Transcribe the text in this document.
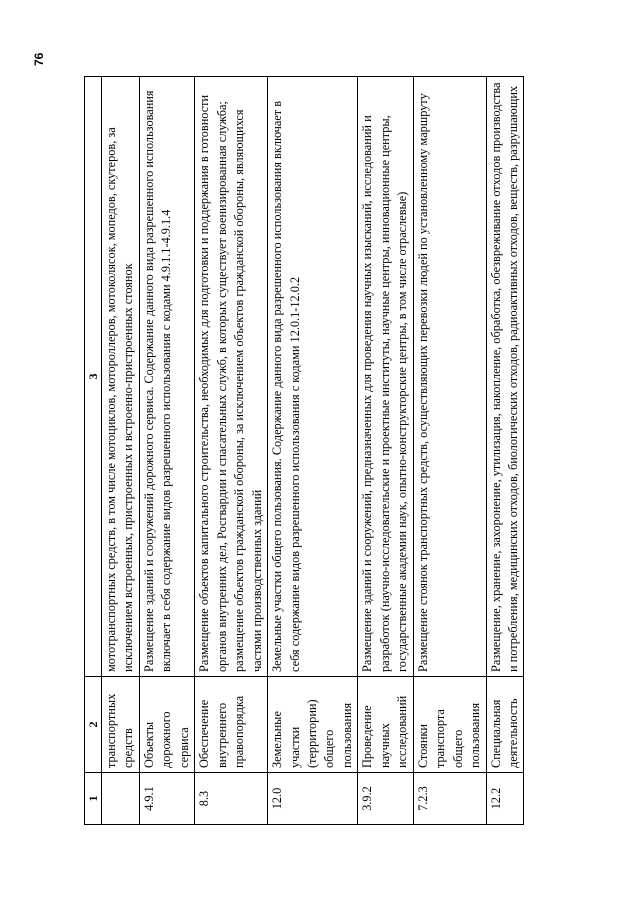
76
1	2	3
	транспортных средств	мототранспортных средств, в том числе мотоциклов, мотороллеров, мотоколясок, мопедов, скутеров, за исключением встроенных, пристроенных и встроенно-пристроенных стоянок
4.9.1	Объекты дорожного сервиса	Размещение зданий и сооружений дорожного сервиса. Содержание данного вида разрешенного использования включает в себя содержание видов разрешенного использования с кодами 4.9.1.1-4.9.1.4
8.3	Обеспечение внутреннего правопорядка	Размещение объектов капитального строительства, необходимых для подготовки и поддержания в готовности органов внутренних дел, Росгвардии и спасательных служб, в которых существует военизированная служба; размещение объектов гражданской обороны, за исключением объектов гражданской обороны, являющихся частями производственных зданий
12.0	Земельные участки (территории) общего пользования	Земельные участки общего пользования. Содержание данного вида разрешенного использования включает в себя содержание видов разрешенного использования с кодами 12.0.1-12.0.2
3.9.2	Проведение научных исследований	Размещение зданий и сооружений, предназначенных для проведения научных изысканий, исследований и разработок (научно-исследовательские и проектные институты, научные центры, инновационные центры, государственные академии наук, опытно-конструкторские центры, в том числе отраслевые)
7.2.3	Стоянки транспорта общего пользования	Размещение стоянок транспортных средств, осуществляющих перевозки людей по установленному маршруту
12.2	Специальная деятельность	Размещение, хранение, захоронение, утилизация, накопление, обработка, обезвреживание отходов производства и потребления, медицинских отходов, биологических отходов, радиоактивных отходов, веществ, разрушающих
